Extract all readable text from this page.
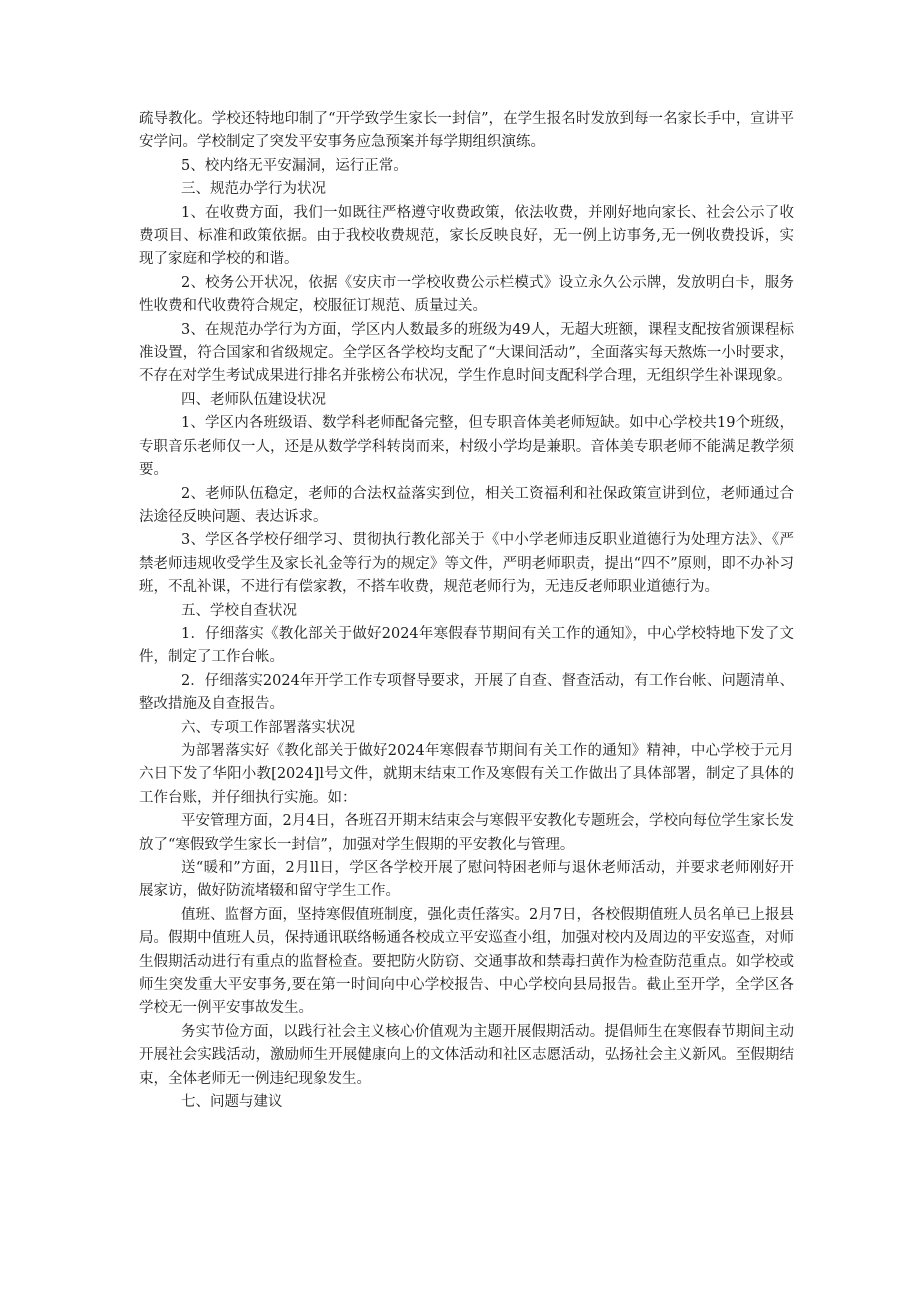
疏导教化。学校还特地印制了“开学致学生家长一封信”，在学生报名时发放到每一名家长手中，宣讲平安学问。学校制定了突发平安事务应急预案并每学期组织演练。

5、校内络无平安漏洞，运行正常。

三、规范办学行为状况

1、在收费方面，我们一如既往严格遵守收费政策，依法收费，并刚好地向家长、社会公示了收费项目、标准和政策依据。由于我校收费规范，家长反映良好，无一例上访事务,无一例收费投诉，实现了家庭和学校的和谐。

2、校务公开状况，依据《安庆市一学校收费公示栏模式》设立永久公示牌，发放明白卡，服务性收费和代收费符合规定，校服征订规范、质量过关。

3、在规范办学行为方面，学区内人数最多的班级为49人，无超大班额，课程支配按省颁课程标准设置，符合国家和省级规定。全学区各学校均支配了“大课间活动”，全面落实每天熬炼一小时要求，不存在对学生考试成果进行排名并张榜公布状况，学生作息时间支配科学合理，无组织学生补课现象。

四、老师队伍建设状况

1、学区内各班级语、数学科老师配备完整，但专职音体美老师短缺。如中心学校共19个班级，专职音乐老师仅一人，还是从数学学科转岗而来，村级小学均是兼职。音体美专职老师不能满足教学须要。

2、老师队伍稳定，老师的合法权益落实到位，相关工资福利和社保政策宣讲到位，老师通过合法途径反映问题、表达诉求。

3、学区各学校仔细学习、贯彻执行教化部关于《中小学老师违反职业道德行为处理方法》、《严禁老师违规收受学生及家长礼金等行为的规定》等文件，严明老师职责，提出“四不”原则，即不办补习班，不乱补课，不进行有偿家教，不搭车收费，规范老师行为，无违反老师职业道德行为。

五、学校自查状况

1．仔细落实《教化部关于做好2024年寒假春节期间有关工作的通知》，中心学校特地下发了文件，制定了工作台帐。

2．仔细落实2024年开学工作专项督导要求，开展了自查、督查活动，有工作台帐、问题清单、整改措施及自查报告。

六、专项工作部署落实状况

为部署落实好《教化部关于做好2024年寒假春节期间有关工作的通知》精神，中心学校于元月六日下发了华阳小教[2024]l号文件，就期末结束工作及寒假有关工作做出了具体部署，制定了具体的工作台账，并仔细执行实施。如：

平安管理方面，2月4日，各班召开期末结束会与寒假平安教化专题班会，学校向每位学生家长发放了“寒假致学生家长一封信”，加强对学生假期的平安教化与管理。

送“暖和”方面，2月ll日，学区各学校开展了慰问特困老师与退休老师活动，并要求老师刚好开展家访，做好防流堵辍和留守学生工作。

值班、监督方面，坚持寒假值班制度，强化责任落实。2月7日，各校假期值班人员名单已上报县局。假期中值班人员，保持通讯联络畅通各校成立平安巡查小组，加强对校内及周边的平安巡查，对师生假期活动进行有重点的监督检查。要把防火防窃、交通事故和禁毒扫黄作为检查防范重点。如学校或师生突发重大平安事务,要在第一时间向中心学校报告、中心学校向县局报告。截止至开学，全学区各学校无一例平安事故发生。

务实节俭方面，以践行社会主义核心价值观为主题开展假期活动。提倡师生在寒假春节期间主动开展社会实践活动，激励师生开展健康向上的文体活动和社区志愿活动，弘扬社会主义新风。至假期结束，全体老师无一例违纪现象发生。

七、问题与建议
